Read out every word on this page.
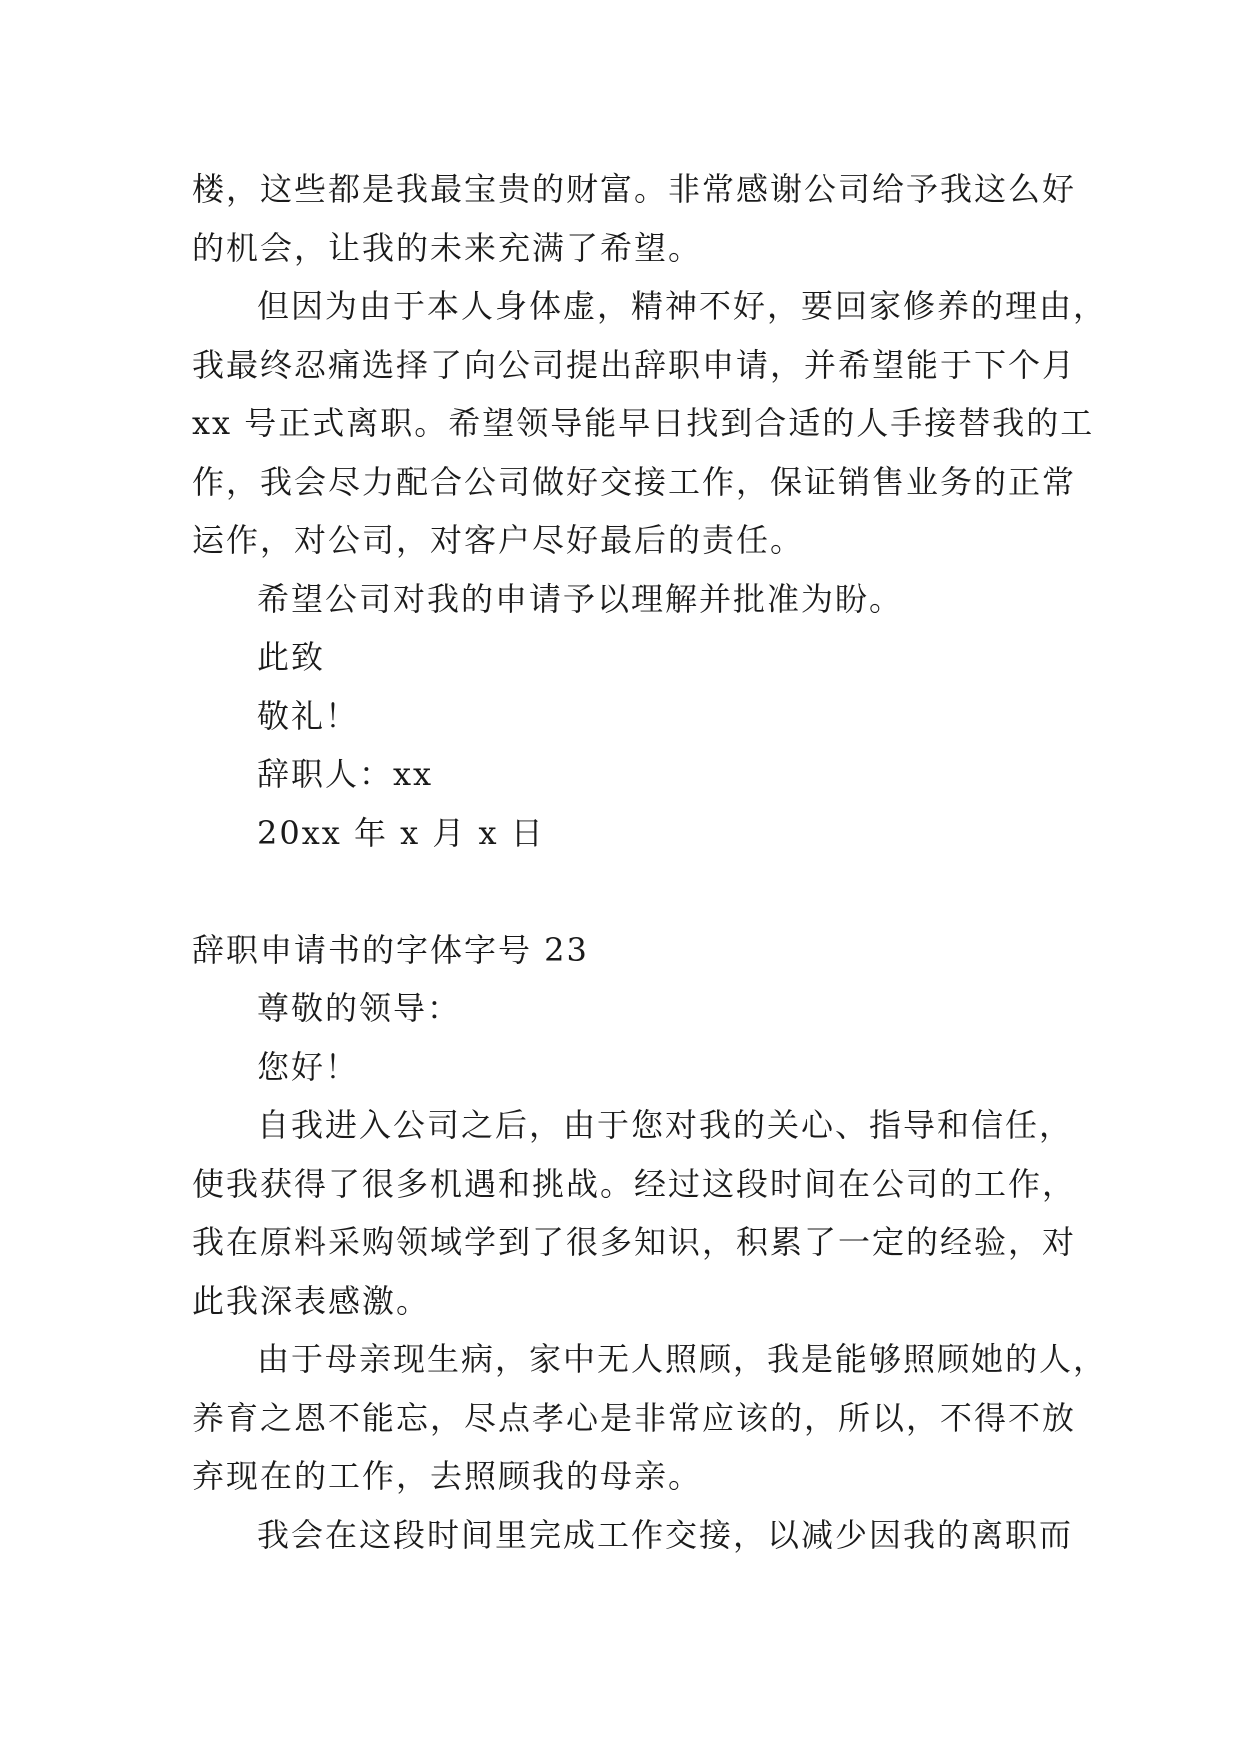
楼，这些都是我最宝贵的财富。非常感谢公司给予我这么好
的机会，让我的未来充满了希望。
但因为由于本人身体虚，精神不好，要回家修养的理由，
我最终忍痛选择了向公司提出辞职申请，并希望能于下个月
xx 号正式离职。希望领导能早日找到合适的人手接替我的工
作，我会尽力配合公司做好交接工作，保证销售业务的正常
运作，对公司，对客户尽好最后的责任。
希望公司对我的申请予以理解并批准为盼。
此致
敬礼！
辞职人：xx
20xx 年 x 月 x 日
辞职申请书的字体字号 23
尊敬的领导：
您好！
自我进入公司之后，由于您对我的关心、指导和信任，
使我获得了很多机遇和挑战。经过这段时间在公司的工作，
我在原料采购领域学到了很多知识，积累了一定的经验，对
此我深表感激。
由于母亲现生病，家中无人照顾，我是能够照顾她的人，
养育之恩不能忘，尽点孝心是非常应该的，所以，不得不放
弃现在的工作，去照顾我的母亲。
我会在这段时间里完成工作交接，以减少因我的离职而
